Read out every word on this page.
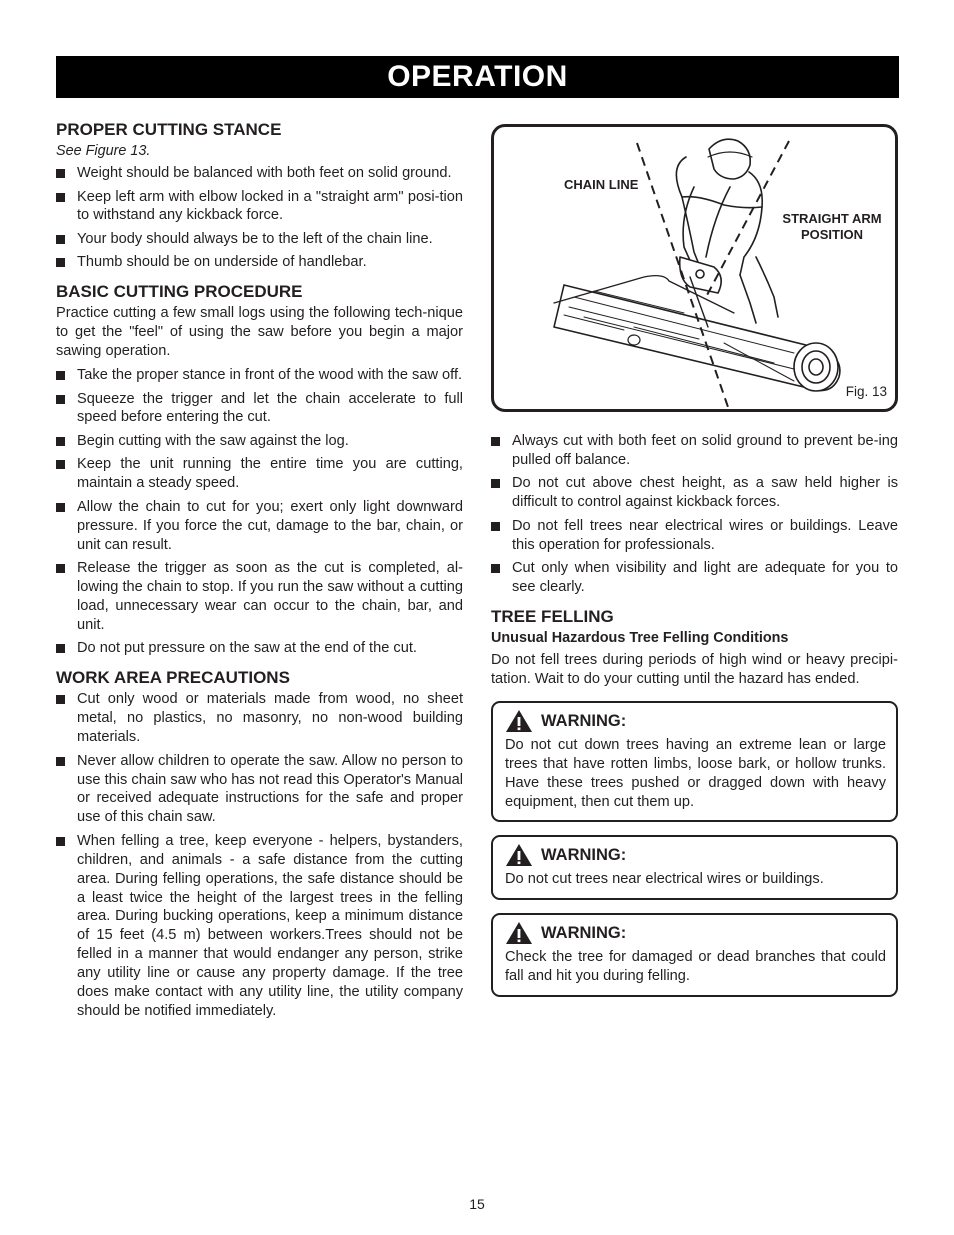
OPERATION
PROPER CUTTING STANCE
See Figure 13.
Weight should be balanced with both feet on solid ground.
Keep left arm with elbow locked in a "straight arm" posi-tion to withstand any kickback force.
Your body should always be to the left of the chain line.
Thumb should be on underside of handlebar.
BASIC CUTTING PROCEDURE

Practice cutting a few small logs using the following tech-nique to get the "feel" of using the saw before you begin a major sawing operation.

Take the proper stance in front of the wood with the saw off.
Squeeze the trigger and let the chain accelerate to full speed before entering the cut.
Begin cutting with the saw against the log.
Keep the unit running the entire time you are cutting, maintain a steady speed.
Allow the chain to cut for you; exert only light downward pressure. If you force the cut, damage to the bar, chain, or unit can result.
Release the trigger as soon as the cut is completed, al-lowing the chain to stop. If you run the saw without a cutting load, unnecessary wear can occur to the chain, bar, and unit.
Do not put pressure on the saw at the end of the cut.
WORK AREA PRECAUTIONS
Cut only wood or materials made from wood, no sheet metal, no plastics, no masonry, no non-wood building materials.
Never allow children to operate the saw. Allow no person to use this chain saw who has not read this Operator's Manual or received adequate instructions for the safe and proper use of this chain saw.
When felling a tree, keep everyone - helpers, bystanders, children, and animals - a safe distance from the cutting area. During felling operations, the safe distance should be a least twice the height of the largest trees in the felling area. During bucking operations, keep a minimum distance of 15 feet (4.5 m) between workers.Trees should not be felled in a manner that would endanger any person, strike any utility line or cause any property damage. If the tree does make contact with any utility line, the utility company should be notified immediately.
CHAIN LINE
STRAIGHT ARM POSITION
Fig. 13
Always cut with both feet on solid ground to prevent be-ing pulled off balance.
Do not cut above chest height, as a saw held higher is difficult to control against kickback forces.
Do not fell trees near electrical wires or buildings. Leave this operation for professionals.
Cut only when visibility and light are adequate for you to see clearly.
TREE FELLING
Unusual Hazardous Tree Felling Conditions

Do not fell trees during periods of high wind or heavy precipi-tation. Wait to do your cutting until the hazard has ended.

WARNING:
Do not cut down trees having an extreme lean or large trees that have rotten limbs, loose bark, or hollow trunks. Have these trees pushed or dragged down with heavy equipment, then cut them up.
WARNING:
Do not cut trees near electrical wires or buildings.
WARNING:
Check the tree for damaged or dead branches that could fall and hit you during felling.
15
